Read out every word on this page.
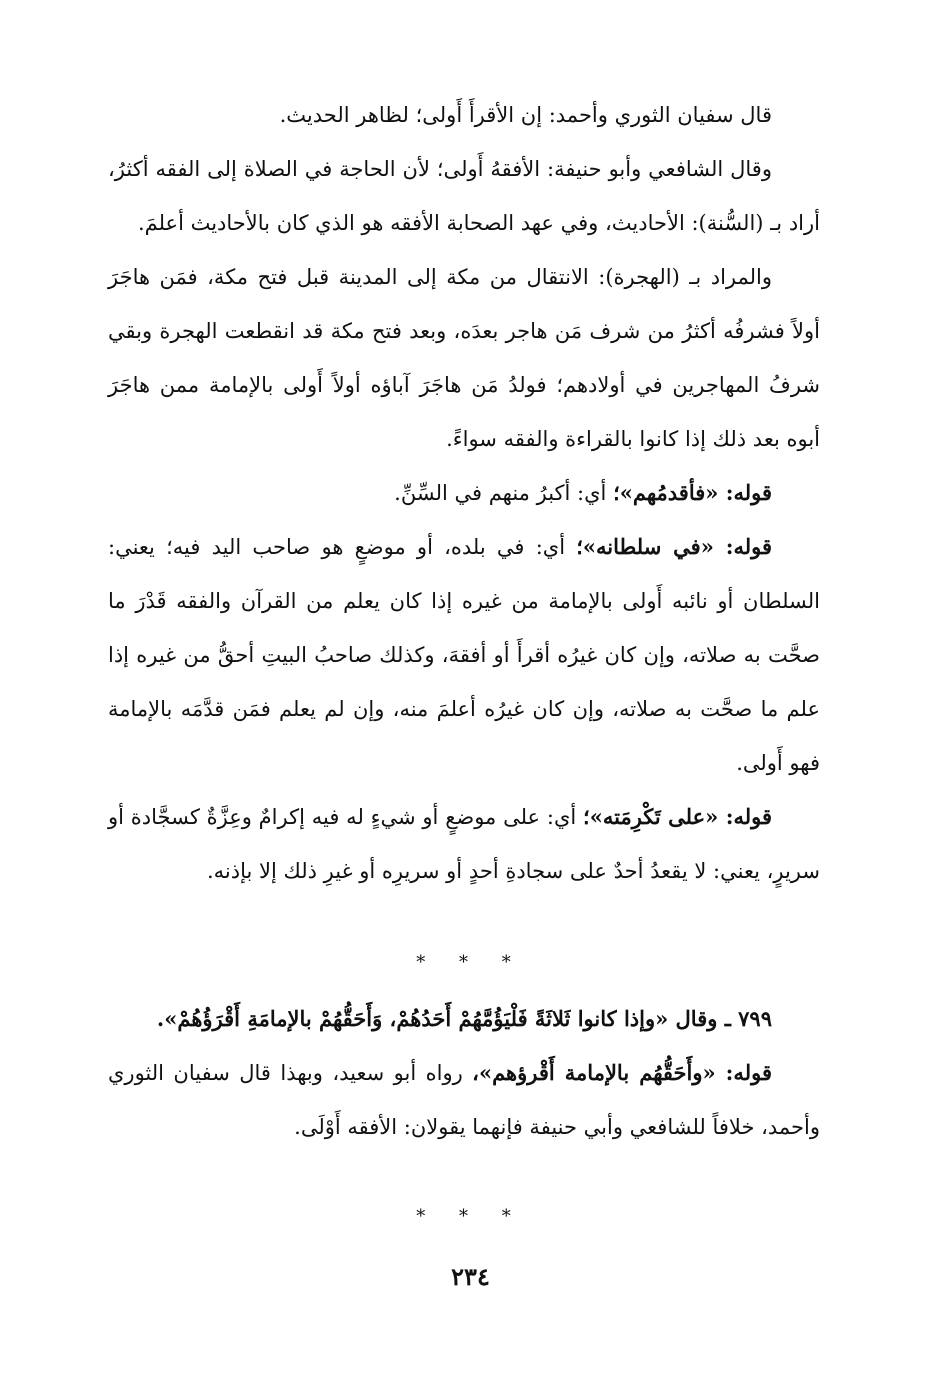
قال سفيان الثوري وأحمد: إن الأقرأَ أَولى؛ لظاهر الحديث.

وقال الشافعي وأبو حنيفة: الأفقهُ أَولى؛ لأن الحاجة في الصلاة إلى الفقه أكثرُ، أراد بـ (السُّنة): الأحاديث، وفي عهد الصحابة الأفقه هو الذي كان بالأحاديث أعلمَ.

والمراد بـ (الهجرة): الانتقال من مكة إلى المدينة قبل فتح مكة، فمَن هاجَرَ أولاً فشرفُه أكثرُ من شرف مَن هاجر بعدَه، وبعد فتح مكة قد انقطعت الهجرة وبقي شرفُ المهاجرين في أولادهم؛ فولدُ مَن هاجَرَ آباؤه أولاً أَولى بالإمامة ممن هاجَرَ أبوه بعد ذلك إذا كانوا بالقراءة والفقه سواءً.

قوله: «فأقدمُهم»؛ أي: أكبرُ منهم في السِّنِّ.

قوله: «في سلطانه»؛ أي: في بلده، أو موضعٍ هو صاحب اليد فيه؛ يعني: السلطان أو نائبه أَولى بالإمامة من غيره إذا كان يعلم من القرآن والفقه قَدْرَ ما صحَّت به صلاته، وإن كان غيرُه أقرأَ أو أفقهَ، وكذلك صاحبُ البيتِ أحقُّ من غيره إذا علم ما صحَّت به صلاته، وإن كان غيرُه أعلمَ منه، وإن لم يعلم فمَن قدَّمَه بالإمامة فهو أَولى.

قوله: «على تَكْرِمَته»؛ أي: على موضعٍ أو شيءٍ له فيه إكرامٌ وعِزَّةٌ كسجَّادة أو سريرٍ، يعني: لا يقعدُ أحدٌ على سجادةِ أحدٍ أو سريرِه أو غيرِ ذلك إلا بإذنه.

* * *

٧٩٩ ـ وقال «وإذا كانوا ثَلاثَةً فَلْيَؤُمَّهُمْ أَحَدُهُمْ، وَأَحَقُّهُمْ بالإمامَةِ أَقْرَؤُهُمْ».

قوله: «وأَحَقُّهُم بالإمامة أَقْرؤهم»، رواه أبو سعيد، وبهذا قال سفيان الثوري وأحمد، خلافاً للشافعي وأبي حنيفة فإنهما يقولان: الأفقه أَوْلَى.

* * *
٢٣٤
